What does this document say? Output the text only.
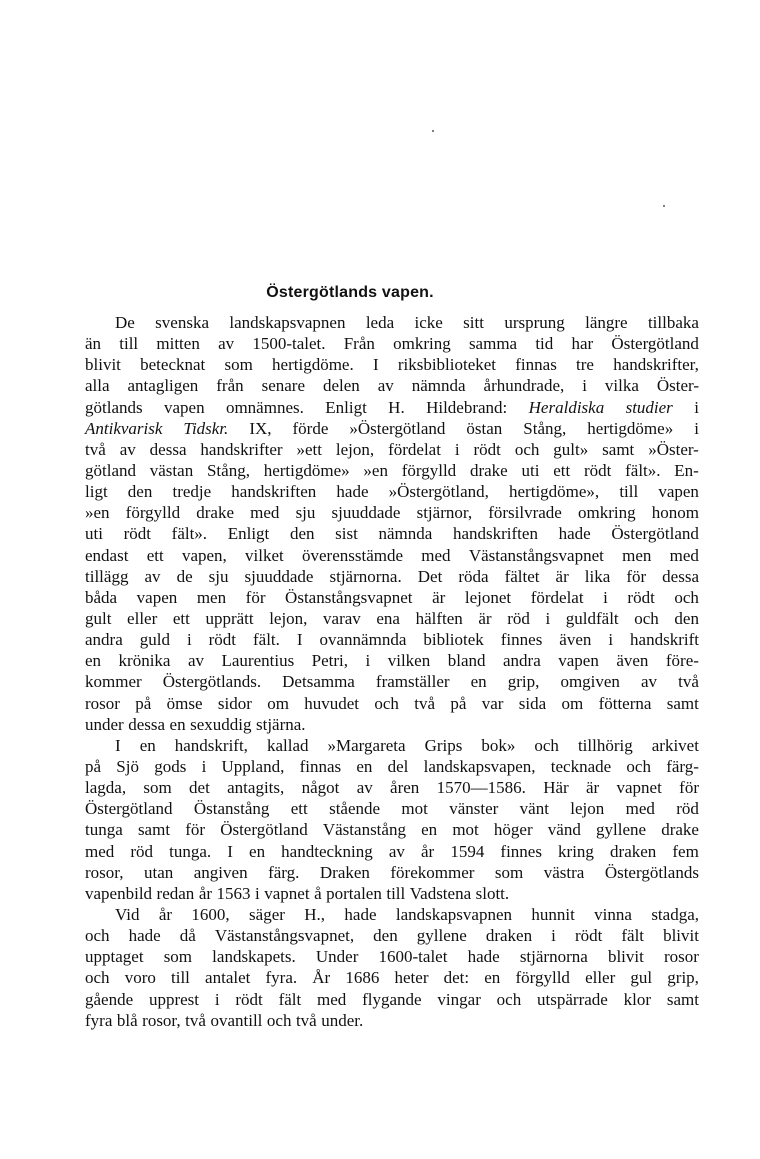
Östergötlands vapen.
De svenska landskapsvapnen leda icke sitt ursprung längre tillbaka
än till mitten av 1500-talet. Från omkring samma tid har Östergötland
blivit betecknat som hertigdöme. I riksbiblioteket finnas tre handskrifter,
alla antagligen från senare delen av nämnda århundrade, i vilka Öster-
götlands vapen omnämnes. Enligt H. Hildebrand: Heraldiska studier i
Antikvarisk Tidskr. IX, förde »Östergötland östan Stång, hertigdöme» i
två av dessa handskrifter »ett lejon, fördelat i rödt och gult» samt »Öster-
götland västan Stång, hertigdöme» »en förgylld drake uti ett rödt fält». En-
ligt den tredje handskriften hade »Östergötland, hertigdöme», till vapen
»en förgylld drake med sju sjuuddade stjärnor, försilvrade omkring honom
uti rödt fält». Enligt den sist nämnda handskriften hade Östergötland
endast ett vapen, vilket överensstämde med Västanstångsvapnet men med
tillägg av de sju sjuuddade stjärnorna. Det röda fältet är lika för dessa
båda vapen men för Östanstångsvapnet är lejonet fördelat i rödt och
gult eller ett upprätt lejon, varav ena hälften är röd i guldfält och den
andra guld i rödt fält. I ovannämnda bibliotek finnes även i handskrift
en krönika av Laurentius Petri, i vilken bland andra vapen även före-
kommer Östergötlands. Detsamma framställer en grip, omgiven av två
rosor på ömse sidor om huvudet och två på var sida om fötterna samt
under dessa en sexuddig stjärna.
I en handskrift, kallad »Margareta Grips bok» och tillhörig arkivet
på Sjö gods i Uppland, finnas en del landskapsvapen, tecknade och färg-
lagda, som det antagits, något av åren 1570—1586. Här är vapnet för
Östergötland Östanstång ett stående mot vänster vänt lejon med röd
tunga samt för Östergötland Västanstång en mot höger vänd gyllene drake
med röd tunga. I en handteckning av år 1594 finnes kring draken fem
rosor, utan angiven färg. Draken förekommer som västra Östergötlands
vapenbild redan år 1563 i vapnet å portalen till Vadstena slott.
Vid år 1600, säger H., hade landskapsvapnen hunnit vinna stadga,
och hade då Västanstångsvapnet, den gyllene draken i rödt fält blivit
upptaget som landskapets. Under 1600-talet hade stjärnorna blivit rosor
och voro till antalet fyra. År 1686 heter det: en förgylld eller gul grip,
gående upprest i rödt fält med flygande vingar och utspärrade klor samt
fyra blå rosor, två ovantill och två under.
